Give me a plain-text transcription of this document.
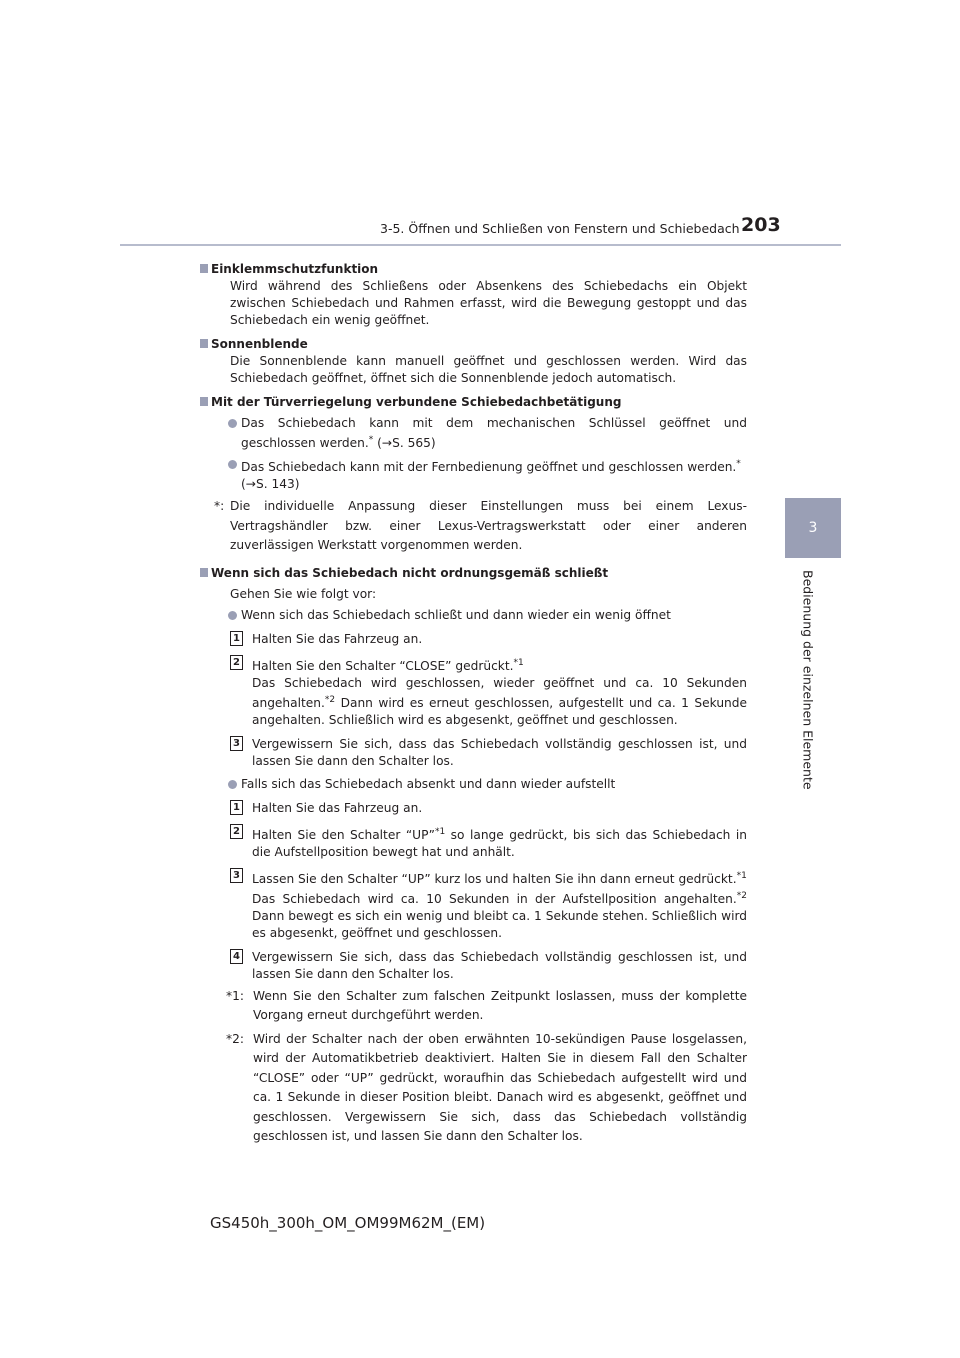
3-5. Öffnen und Schließen von Fenstern und Schiebedach 203
3
Bedienung der einzelnen Elemente
Einklemmschutzfunktion
Wird während des Schließens oder Absenkens des Schiebedachs ein Objekt zwischen Schiebedach und Rahmen erfasst, wird die Bewegung gestoppt und das Schiebedach ein wenig geöffnet.
Sonnenblende
Die Sonnenblende kann manuell geöffnet und geschlossen werden. Wird das Schiebedach geöffnet, öffnet sich die Sonnenblende jedoch automatisch.
Mit der Türverriegelung verbundene Schiebedachbetätigung
Das Schiebedach kann mit dem mechanischen Schlüssel geöffnet und geschlossen werden.* (→S. 565)
Das Schiebedach kann mit der Fernbedienung geöffnet und geschlossen werden.*
(→S. 143)
*: Die individuelle Anpassung dieser Einstellungen muss bei einem Lexus-Vertragshändler bzw. einer Lexus-Vertragswerkstatt oder einer anderen zuverlässigen Werkstatt vorgenommen werden.
Wenn sich das Schiebedach nicht ordnungsgemäß schließt
Gehen Sie wie folgt vor:
Wenn sich das Schiebedach schließt und dann wieder ein wenig öffnet
1 Halten Sie das Fahrzeug an.
2 Halten Sie den Schalter “CLOSE” gedrückt.$^{*1}$
Das Schiebedach wird geschlossen, wieder geöffnet und ca. 10 Sekunden angehalten.$^{*2}$ Dann wird es erneut geschlossen, aufgestellt und ca. 1 Sekunde angehalten. Schließlich wird es abgesenkt, geöffnet und geschlossen.
3 Vergewissern Sie sich, dass das Schiebedach vollständig geschlossen ist, und lassen Sie dann den Schalter los.
Falls sich das Schiebedach absenkt und dann wieder aufstellt
1 Halten Sie das Fahrzeug an.
2 Halten Sie den Schalter “UP”$^{*1}$ so lange gedrückt, bis sich das Schiebedach in die Aufstellposition bewegt hat und anhält.
3 Lassen Sie den Schalter “UP” kurz los und halten Sie ihn dann erneut gedrückt.$^{*1}$
Das Schiebedach wird ca. 10 Sekunden in der Aufstellposition angehalten.$^{*2}$ Dann bewegt es sich ein wenig und bleibt ca. 1 Sekunde stehen. Schließlich wird es abgesenkt, geöffnet und geschlossen.
4 Vergewissern Sie sich, dass das Schiebedach vollständig geschlossen ist, und lassen Sie dann den Schalter los.
*1: Wenn Sie den Schalter zum falschen Zeitpunkt loslassen, muss der komplette Vorgang erneut durchgeführt werden.
*2: Wird der Schalter nach der oben erwähnten 10-sekündigen Pause losgelassen, wird der Automatikbetrieb deaktiviert. Halten Sie in diesem Fall den Schalter “CLOSE” oder “UP” gedrückt, woraufhin das Schiebedach aufgestellt wird und ca. 1 Sekunde in dieser Position bleibt. Danach wird es abgesenkt, geöffnet und geschlossen. Vergewissern Sie sich, dass das Schiebedach vollständig geschlossen ist, und lassen Sie dann den Schalter los.
GS450h_300h_OM_OM99M62M_(EM)
